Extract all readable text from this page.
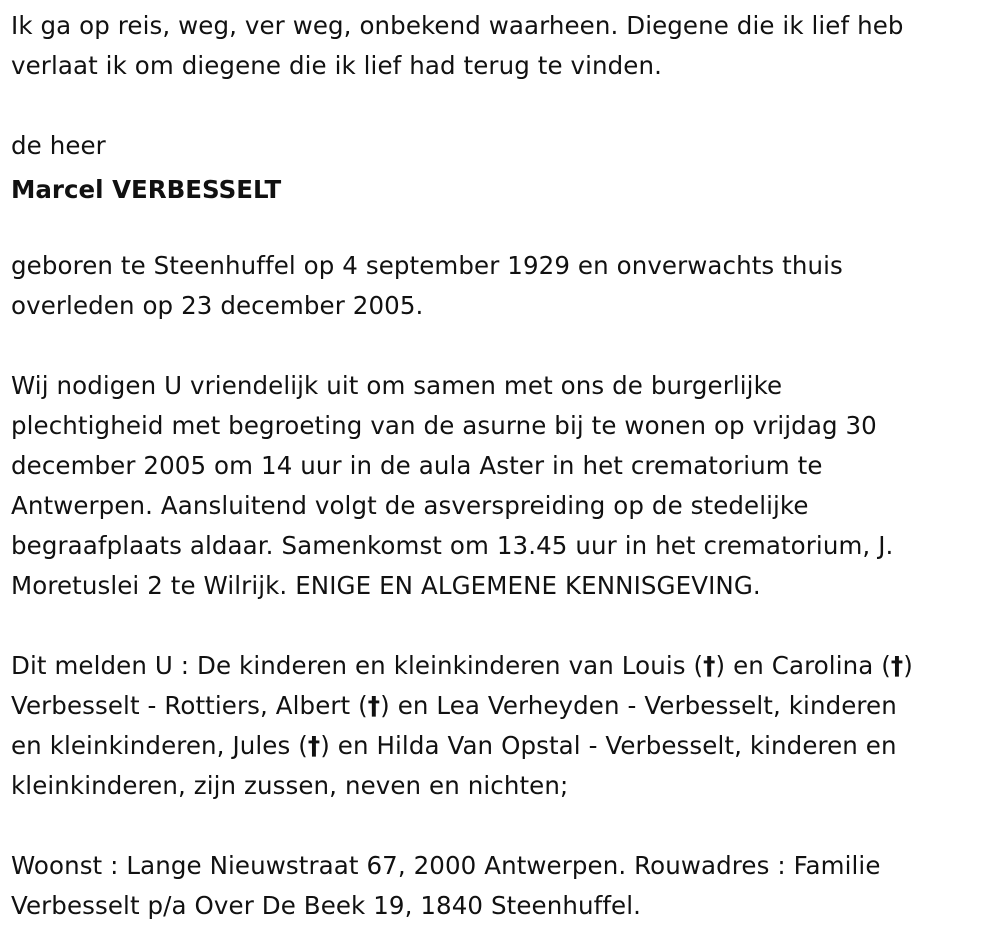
Ik ga op reis, weg, ver weg, onbekend waarheen. Diegene die ik lief heb
verlaat ik om diegene die ik lief had terug te vinden.

de heer

Marcel VERBESSELT

geboren te Steenhuffel op 4 september 1929 en onverwachts thuis
overleden op 23 december 2005.

Wij nodigen U vriendelijk uit om samen met ons de burgerlijke
plechtigheid met begroeting van de asurne bij te wonen op vrijdag 30
december 2005 om 14 uur in de aula Aster in het crematorium te
Antwerpen. Aansluitend volgt de asverspreiding op de stedelijke
begraafplaats aldaar. Samenkomst om 13.45 uur in het crematorium, J.
Moretuslei 2 te Wilrijk. ENIGE EN ALGEMENE KENNISGEVING.

Dit melden U : De kinderen en kleinkinderen van Louis (†) en Carolina (†)
Verbesselt - Rottiers, Albert (†) en Lea Verheyden - Verbesselt, kinderen
en kleinkinderen, Jules (†) en Hilda Van Opstal - Verbesselt, kinderen en
kleinkinderen, zijn zussen, neven en nichten;

Woonst : Lange Nieuwstraat 67, 2000 Antwerpen. Rouwadres : Familie
Verbesselt p/a Over De Beek 19, 1840 Steenhuffel.
